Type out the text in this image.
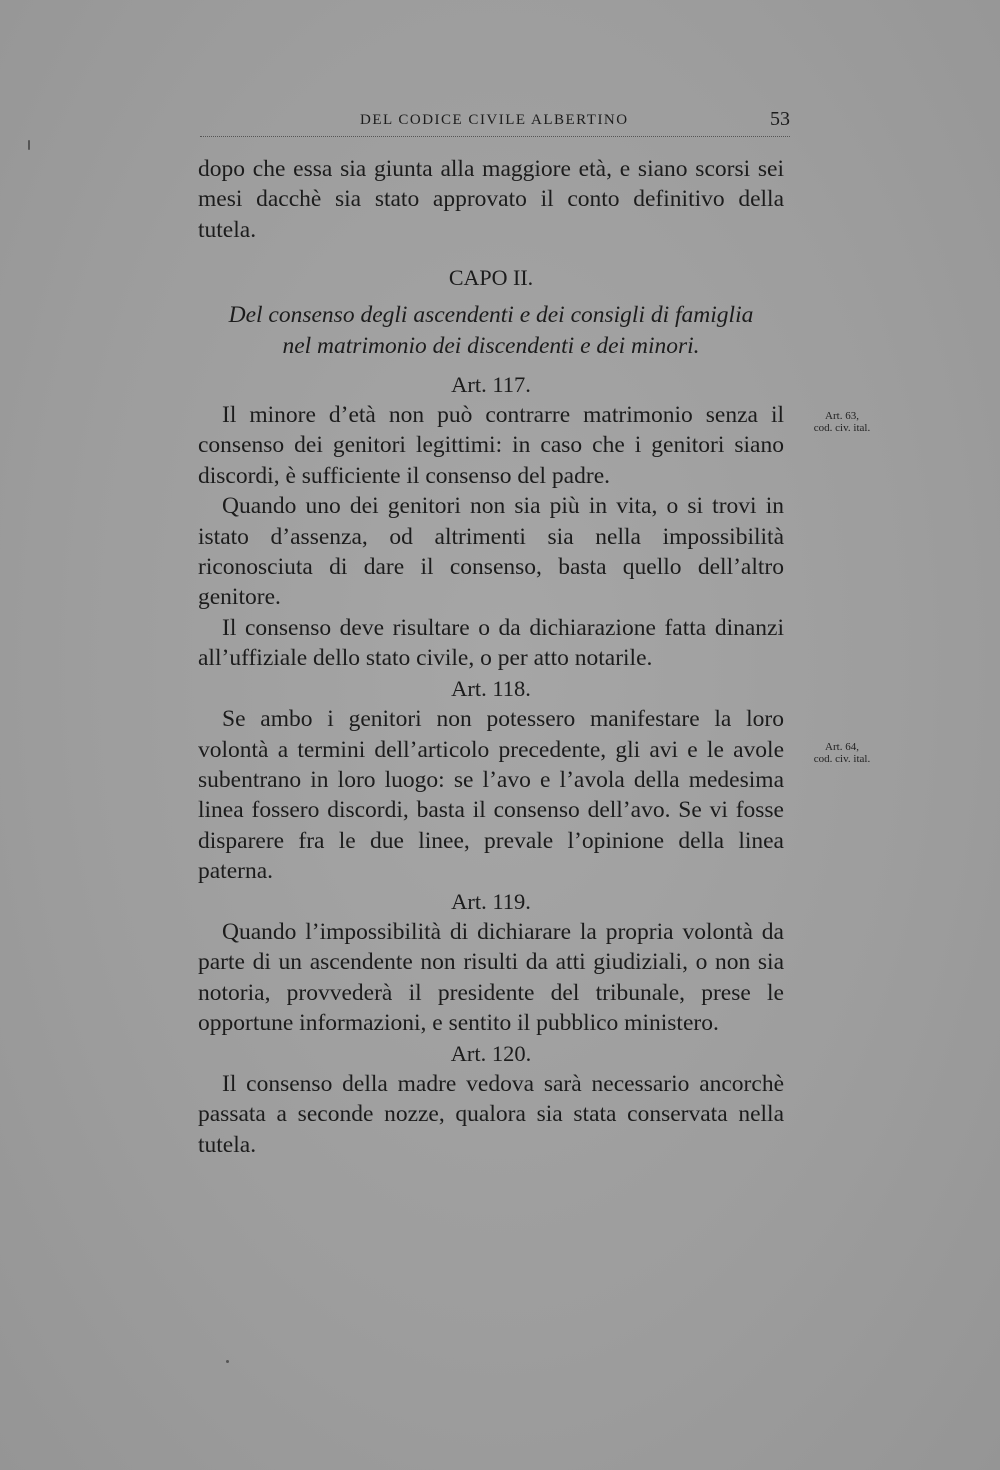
DEL CODICE CIVILE ALBERTINO	53

dopo che essa sia giunta alla maggiore età, e siano scorsi sei mesi dacchè sia stato approvato il conto definitivo della tutela.

CAPO II.
Del consenso degli ascendenti e dei consigli di famiglia
nel matrimonio dei discendenti e dei minori.
Art. 117.

Il minore d’età non può contrarre matrimonio senza il consenso dei genitori legittimi: in caso che i genitori siano discordi, è sufficiente il consenso del padre.

Quando uno dei genitori non sia più in vita, o si trovi in istato d’assenza, od altrimenti sia nella impossibilità riconosciuta di dare il consenso, basta quello dell’altro genitore.

Il consenso deve risultare o da dichiarazione fatta dinanzi all’uffiziale dello stato civile, o per atto notarile.

Art. 118.

Se ambo i genitori non potessero manifestare la loro volontà a termini dell’articolo precedente, gli avi e le avole subentrano in loro luogo: se l’avo e l’avola della medesima linea fossero discordi, basta il consenso dell’avo. Se vi fosse disparere fra le due linee, prevale l’opinione della linea paterna.

Art. 119.

Quando l’impossibilità di dichiarare la propria volontà da parte di un ascendente non risulti da atti giudiziali, o non sia notoria, provvederà il presidente del tribunale, prese le opportune informazioni, e sentito il pubblico ministero.

Art. 120.

Il consenso della madre vedova sarà necessario ancorchè passata a seconde nozze, qualora sia stata conservata nella tutela.

Art. 63,
cod. civ. ital.
Art. 64,
cod. civ. ital.
